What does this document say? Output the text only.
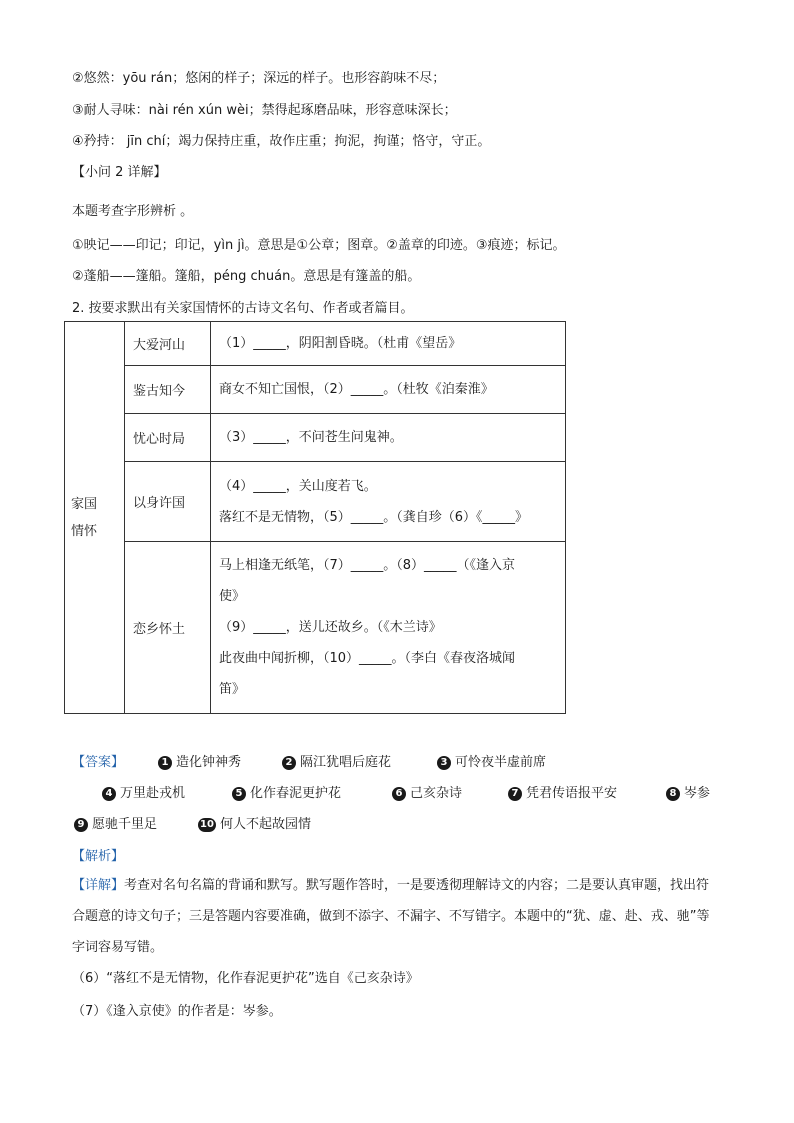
②悠然：yōu rán；悠闲的样子；深远的样子。也形容韵味不尽；
③耐人寻味：nài rén xún wèi；禁得起琢磨品味，形容意味深长；
④矜持： jīn chí；竭力保持庄重，故作庄重；拘泥，拘谨；恪守，守正。
【小问 2 详解】
本题考查字形辨析 。
①映记——印记；印记，yìn jì。意思是①公章；图章。②盖章的印迹。③痕迹；标记。
②蓬船——篷船。篷船，péng chuán。意思是有篷盖的船。
2. 按要求默出有关家国情怀的古诗文名句、作者或者篇目。
家国情怀	大爱河山	（1）_____，阴阳割昏晓。（杜甫《望岳》

	鉴古知今	商女不知亡国恨，（2）_____。（杜牧《泊秦淮》

	忧心时局	（3）_____，不问苍生问鬼神。

	以身许国	（4）_____，关山度若飞。
落红不是无情物，（5）_____。（龚自珍（6）《_____》

	恋乡怀土	马上相逢无纸笔，（7）_____。（8）_____（《逢入京
使》
（9）_____，送儿还故乡。（《木兰诗》
此夜曲中闻折柳，（10）_____。（李白《春夜洛城闻
笛》
【答案】	1 造化钟神秀	2 隔江犹唱后庭花	3 可怜夜半虚前席
4 万里赴戎机	5 化作春泥更护花	6 己亥杂诗	7 凭君传语报平安	8 岑参
9 愿驰千里足	10 何人不起故园情
【解析】
【详解】考查对名句名篇的背诵和默写。默写题作答时，一是要透彻理解诗文的内容；二是要认真审题，找出符合题意的诗文句子；三是答题内容要准确，做到不添字、不漏字、不写错字。本题中的“犹、虚、赴、戎、驰”等字词容易写错。
（6）“落红不是无情物，化作春泥更护花”选自《己亥杂诗》
（7）《逢入京使》的作者是：岑参。
